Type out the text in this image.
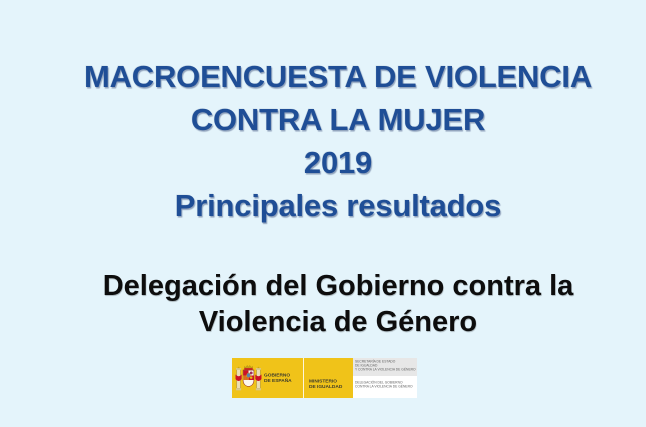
MACROENCUESTA DE VIOLENCIA
CONTRA LA MUJER
2019
Principales resultados
Delegación del Gobierno contra la
Violencia de Género
GOBIERNO
DE ESPAÑA MINISTERIO
DE IGUALDAD
SECRETARÍA DE ESTADO
DE IGUALDAD
Y CONTRA LA VIOLENCIA DE GÉNERO
DELEGACIÓN DEL GOBIERNO
CONTRA LA VIOLENCIA DE GÉNERO
